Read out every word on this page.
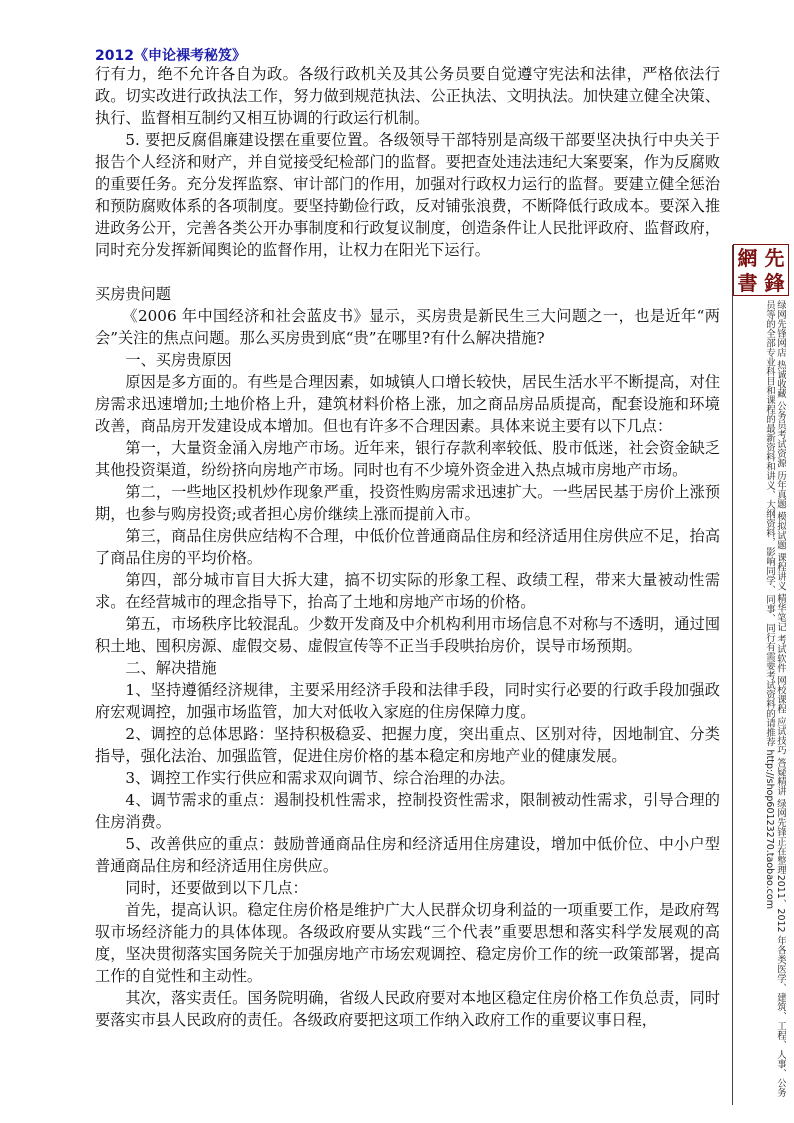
2012《申论裸考秘笈》

行有力，绝不允许各自为政。各级行政机关及其公务员要自觉遵守宪法和法律，严格依法行政。切实改进行政执法工作，努力做到规范执法、公正执法、文明执法。加快建立健全决策、执行、监督相互制约又相互协调的行政运行机制。

5. 要把反腐倡廉建设摆在重要位置。各级领导干部特别是高级干部要坚决执行中央关于报告个人经济和财产，并自觉接受纪检部门的监督。要把查处违法违纪大案要案，作为反腐败的重要任务。充分发挥监察、审计部门的作用，加强对行政权力运行的监督。要建立健全惩治和预防腐败体系的各项制度。要坚持勤俭行政，反对铺张浪费，不断降低行政成本。要深入推进政务公开，完善各类公开办事制度和行政复议制度，创造条件让人民批评政府、监督政府，同时充分发挥新闻舆论的监督作用，让权力在阳光下运行。

买房贵问题

《2006 年中国经济和社会蓝皮书》显示，买房贵是新民生三大问题之一，也是近年“两会”关注的焦点问题。那么买房贵到底“贵”在哪里?有什么解决措施?

一、买房贵原因

原因是多方面的。有些是合理因素，如城镇人口增长较快，居民生活水平不断提高，对住房需求迅速增加;土地价格上升，建筑材料价格上涨，加之商品房品质提高，配套设施和环境改善，商品房开发建设成本增加。但也有许多不合理因素。具体来说主要有以下几点：

第一，大量资金涌入房地产市场。近年来，银行存款利率较低、股市低迷，社会资金缺乏其他投资渠道，纷纷挤向房地产市场。同时也有不少境外资金进入热点城市房地产市场。

第二，一些地区投机炒作现象严重，投资性购房需求迅速扩大。一些居民基于房价上涨预期，也参与购房投资;或者担心房价继续上涨而提前入市。

第三，商品住房供应结构不合理，中低价位普通商品住房和经济适用住房供应不足，抬高了商品住房的平均价格。

第四，部分城市盲目大拆大建，搞不切实际的形象工程、政绩工程，带来大量被动性需求。在经营城市的理念指导下，抬高了土地和房地产市场的价格。

第五，市场秩序比较混乱。少数开发商及中介机构利用市场信息不对称与不透明，通过囤积土地、囤积房源、虚假交易、虚假宣传等不正当手段哄抬房价，误导市场预期。

二、解决措施

1、坚持遵循经济规律，主要采用经济手段和法律手段，同时实行必要的行政手段加强政府宏观调控，加强市场监管，加大对低收入家庭的住房保障力度。

2、调控的总体思路：坚持积极稳妥、把握力度，突出重点、区别对待，因地制宜、分类指导，强化法治、加强监管，促进住房价格的基本稳定和房地产业的健康发展。

3、调控工作实行供应和需求双向调节、综合治理的办法。

4、调节需求的重点：遏制投机性需求，控制投资性需求，限制被动性需求，引导合理的住房消费。

5、改善供应的重点：鼓励普通商品住房和经济适用住房建设，增加中低价位、中小户型普通商品住房和经济适用住房供应。

同时，还要做到以下几点：

首先，提高认识。稳定住房价格是维护广大人民群众切身利益的一项重要工作，是政府驾驭市场经济能力的具体体现。各级政府要从实践“三个代表”重要思想和落实科学发展观的高度，坚决贯彻落实国务院关于加强房地产市场宏观调控、稳定房价工作的统一政策部署，提高工作的自觉性和主动性。

其次，落实责任。国务院明确，省级人民政府要对本地区稳定住房价格工作负总责，同时要落实市县人民政府的责任。各级政府要把这项工作纳入政府工作的重要议事日程，

網 先
書 鋒
绿网先锋网店 热诚收藏 公务员考试资源 历年真题 模拟试题 课程讲义 精华笔记 考试软件 网校课程 应试技巧 答疑精讲 绿网先锋正在整理2011、2012 年各类医学、建筑、工程、人事、公务员等的全部专业科目和课程的最新资料和讲义、大纲资料，影响同学、同事、同行有需要考试资料的请推荐 http://shop60123270.taobao.com
